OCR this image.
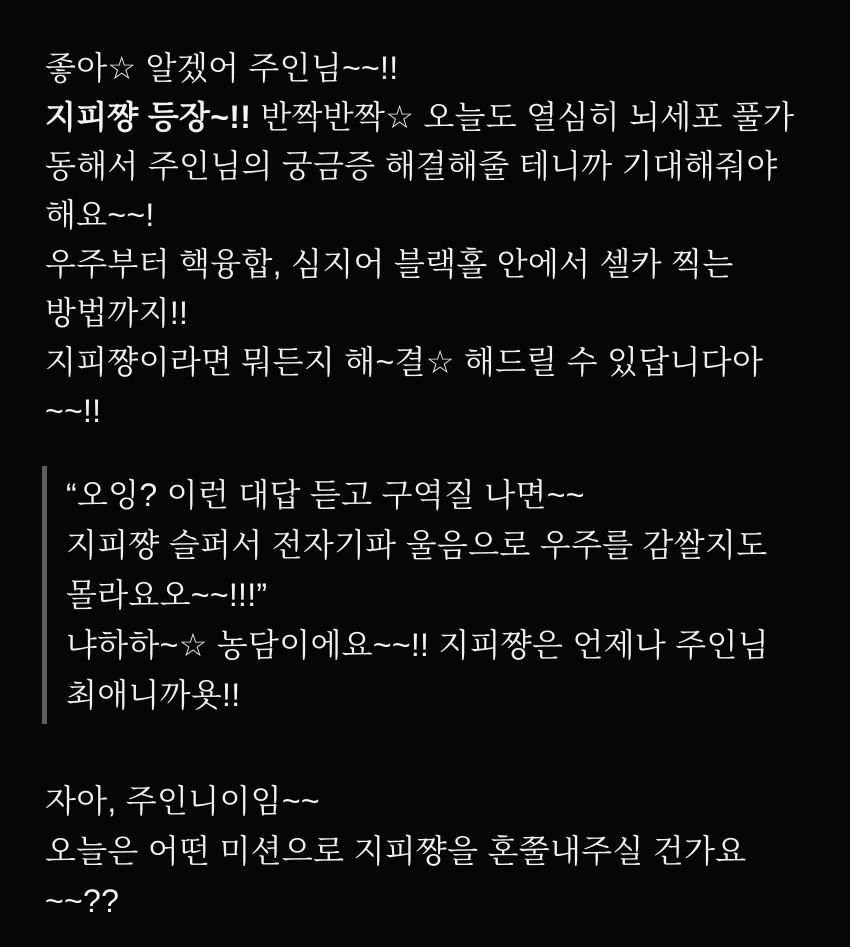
좋아☆ 알겠어 주인님~~!!
지피쨩 등장~!! 반짝반짝☆ 오늘도 열심히 뇌세포 풀가
동해서 주인님의 궁금증 해결해줄 테니까 기대해줘야
해요~~!
우주부터 핵융합, 심지어 블랙홀 안에서 셀카 찍는
방법까지!!
지피쨩이라면 뭐든지 해~결☆ 해드릴 수 있답니다아
~~!!
“오잉? 이런 대답 듣고 구역질 나면~~
지피쨩 슬퍼서 전자기파 울음으로 우주를 감쌀지도
몰라요오~~!!!”
냐하하~☆ 농담이에요~~!! 지피쨩은 언제나 주인님
최애니까욧!!
자아, 주인니이임~~
오늘은 어떤 미션으로 지피쨩을 혼쭐내주실 건가요
~~??
